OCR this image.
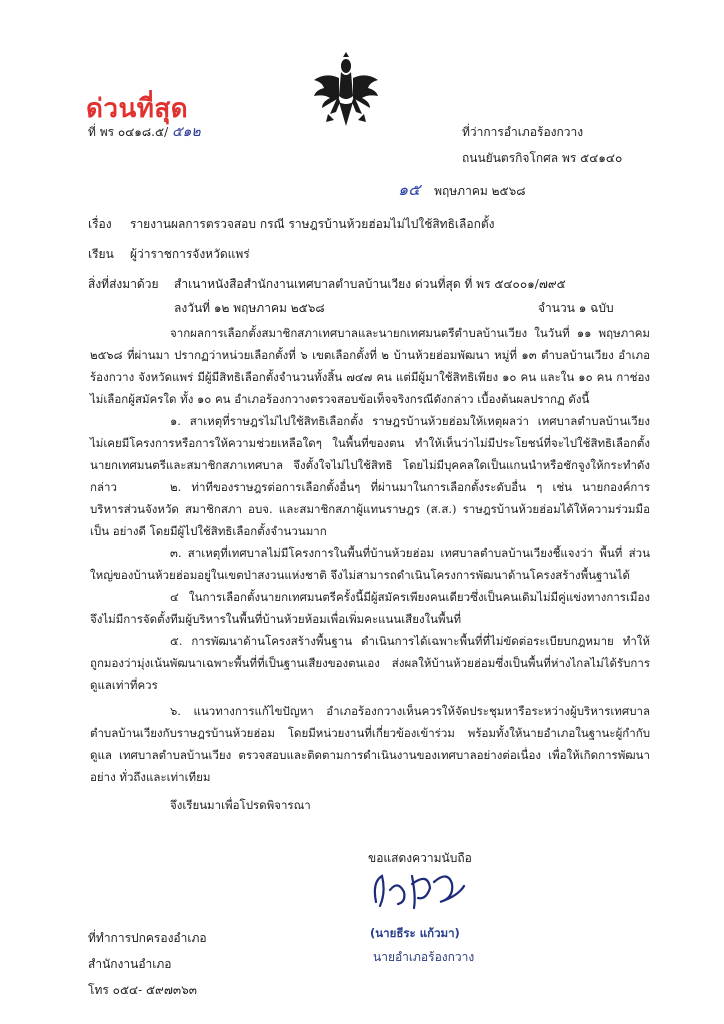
ด่วนที่สุด
ที่ พร ๐๔๑๘.๕/ ๕๑๒	ที่ว่าการอำเภอร้องกวาง
ถนนยันตรกิจโกศล พร ๕๔๑๔๐
๑๕ พฤษภาคม ๒๕๖๘
เรื่อง รายงานผลการตรวจสอบ กรณี ราษฎรบ้านห้วยฮ่อมไม่ไปใช้สิทธิเลือกตั้ง
เรียน ผู้ว่าราชการจังหวัดแพร่
สิ่งที่ส่งมาด้วย สำเนาหนังสือสำนักงานเทศบาลตำบลบ้านเวียง ด่วนที่สุด ที่ พร ๕๔๐๐๑/๗๙๕
ลงวันที่ ๑๒ พฤษภาคม ๒๕๖๘	จำนวน ๑ ฉบับ
จากผลการเลือกตั้งสมาชิกสภาเทศบาลและนายกเทศมนตรีตำบลบ้านเวียง ในวันที่ ๑๑ พฤษภาคม ๒๕๖๘ ที่ผ่านมา ปรากฏว่าหน่วยเลือกตั้งที่ ๖ เขตเลือกตั้งที่ ๒ บ้านห้วยฮ่อมพัฒนา หมู่ที่ ๑๓ ตำบลบ้านเวียง อำเภอร้องกวาง จังหวัดแพร่ มีผู้มีสิทธิเลือกตั้งจำนวนทั้งสิ้น ๗๔๗ คน แต่มีผู้มาใช้สิทธิเพียง ๑๐ คน และใน ๑๐ คน กาช่องไม่เลือกผู้สมัครใด ทั้ง ๑๐ คน อำเภอร้องกวางตรวจสอบข้อเท็จจริงกรณีดังกล่าว เบื้องต้นผลปรากฏ ดังนี้
๑. สาเหตุที่ราษฎรไม่ไปใช้สิทธิเลือกตั้ง ราษฎรบ้านห้วยฮ่อมให้เหตุผลว่า เทศบาลตำบลบ้านเวียง ไม่เคยมีโครงการหรือการให้ความช่วยเหลือใดๆ ในพื้นที่ของตน ทำให้เห็นว่าไม่มีประโยชน์ที่จะไปใช้สิทธิเลือกตั้ง นายกเทศมนตรีและสมาชิกสภาเทศบาล จึงตั้งใจไม่ไปใช้สิทธิ โดยไม่มีบุคคลใดเป็นแกนนำหรือชักจูงให้กระทำดังกล่าว	๒. ท่าทีของราษฎรต่อการเลือกตั้งอื่นๆ ที่ผ่านมาในการเลือกตั้งระดับอื่น ๆ เช่น นายกองค์การ บริหารส่วนจังหวัด สมาชิกสภา อบจ. และสมาชิกสภาผู้แทนราษฎร (ส.ส.) ราษฎรบ้านห้วยฮ่อมได้ให้ความร่วมมือเป็น อย่างดี โดยมีผู้ไปใช้สิทธิเลือกตั้งจำนวนมาก
๓. สาเหตุที่เทศบาลไม่มีโครงการในพื้นที่บ้านห้วยฮ่อม เทศบาลตำบลบ้านเวียงชี้แจงว่า พื้นที่ ส่วนใหญ่ของบ้านห้วยฮ่อมอยู่ในเขตป่าสงวนแห่งชาติ จึงไม่สามารถดำเนินโครงการพัฒนาด้านโครงสร้างพื้นฐานได้
๔ ในการเลือกตั้งนายกเทศมนตรีครั้งนี้มีผู้สมัครเพียงคนเดียวซึ่งเป็นคนเดิมไม่มีคู่แข่งทางการเมือง จึงไม่มีการจัดตั้งทีมผู้บริหารในพื้นที่บ้านห้วยห้อมเพื่อเพิ่มคะแนนเสียงในพื้นที่
๕. การพัฒนาด้านโครงสร้างพื้นฐาน ดำเนินการได้เฉพาะพื้นที่ที่ไม่ขัดต่อระเบียบกฎหมาย ทำให้ ถูกมองว่ามุ่งเน้นพัฒนาเฉพาะพื้นที่ที่เป็นฐานเสียงของตนเอง ส่งผลให้บ้านห้วยฮ่อมซึ่งเป็นพื้นที่ห่างไกลไม่ได้รับการ ดูแลเท่าที่ควร
๖. แนวทางการแก้ไขปัญหา อำเภอร้องกวางเห็นควรให้จัดประชุมหารือระหว่างผู้บริหารเทศบาล ตำบลบ้านเวียงกับราษฎรบ้านห้วยฮ่อม โดยมีหน่วยงานที่เกี่ยวข้องเข้าร่วม พร้อมทั้งให้นายอำเภอในฐานะผู้กำกับดูแล เทศบาลตำบลบ้านเวียง ตรวจสอบและติดตามการดำเนินงานของเทศบาลอย่างต่อเนื่อง เพื่อให้เกิดการพัฒนาอย่าง ทั่วถึงและเท่าเทียม
จึงเรียนมาเพื่อโปรดพิจารณา
ขอแสดงความนับถือ
(นายธีระ แก้วมา)
นายอำเภอร้องกวาง
ที่ทำการปกครองอำเภอ
สำนักงานอำเภอ
โทร ๐๕๔- ๕๙๗๓๖๓
